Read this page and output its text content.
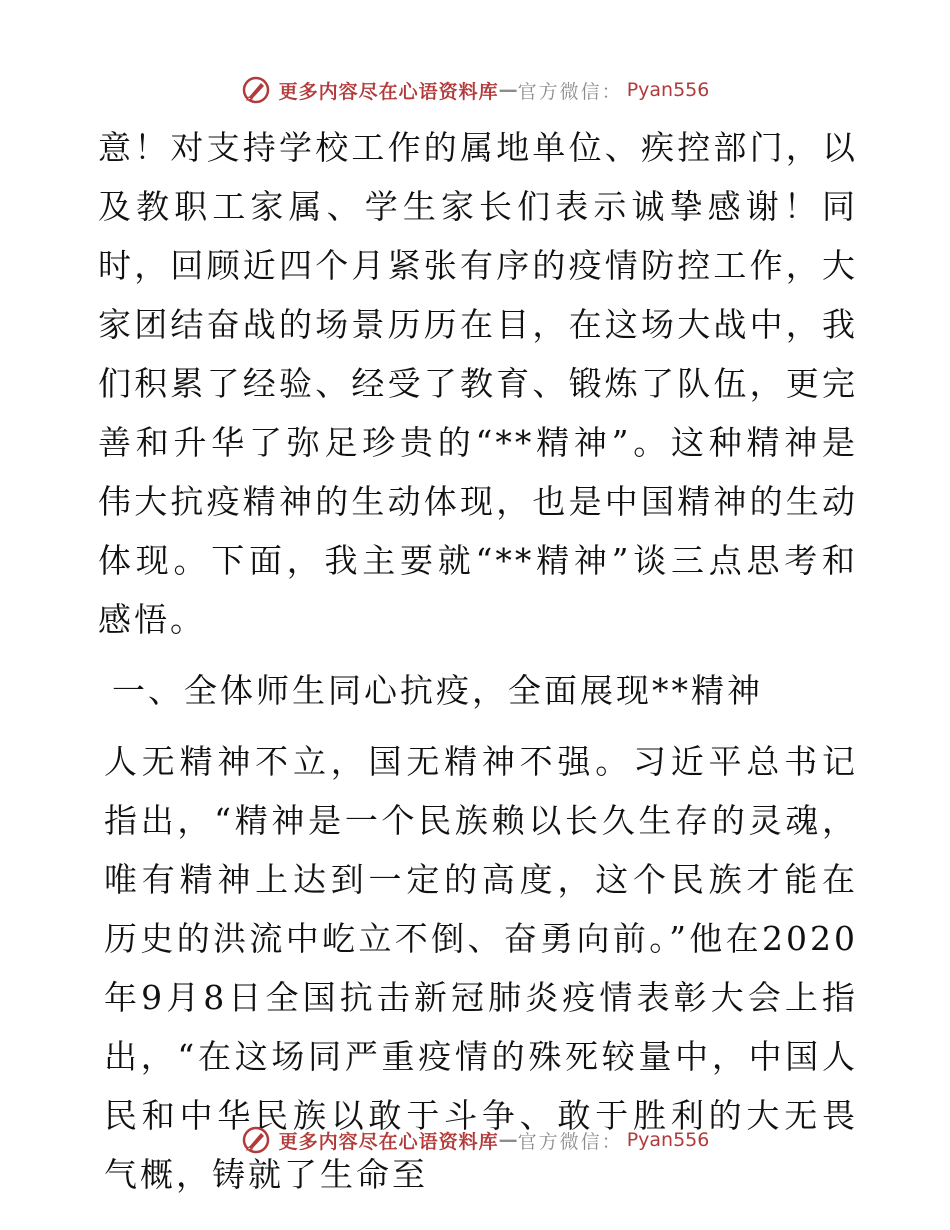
更多内容尽在心语资料库 — 官方微信： Pyan556

意！对支持学校工作的属地单位、疾控部门，以及教职工家属、学生家长们表示诚挚感谢！同时，回顾近四个月紧张有序的疫情防控工作，大家团结奋战的场景历历在目，在这场大战中，我们积累了经验、经受了教育、锻炼了队伍，更完善和升华了弥足珍贵的“**精神”。这种精神是伟大抗疫精神的生动体现，也是中国精神的生动体现。下面，我主要就“**精神”谈三点思考和感悟。

一、全体师生同心抗疫，全面展现**精神

人无精神不立，国无精神不强。习近平总书记指出，“精神是一个民族赖以长久生存的灵魂，唯有精神上达到一定的高度，这个民族才能在历史的洪流中屹立不倒、奋勇向前。”他在2020年9月8日全国抗击新冠肺炎疫情表彰大会上指出，“在这场同严重疫情的殊死较量中，中国人民和中华民族以敢于斗争、敢于胜利的大无畏气概，铸就了生命至

更多内容尽在心语资料库 — 官方微信： Pyan556
